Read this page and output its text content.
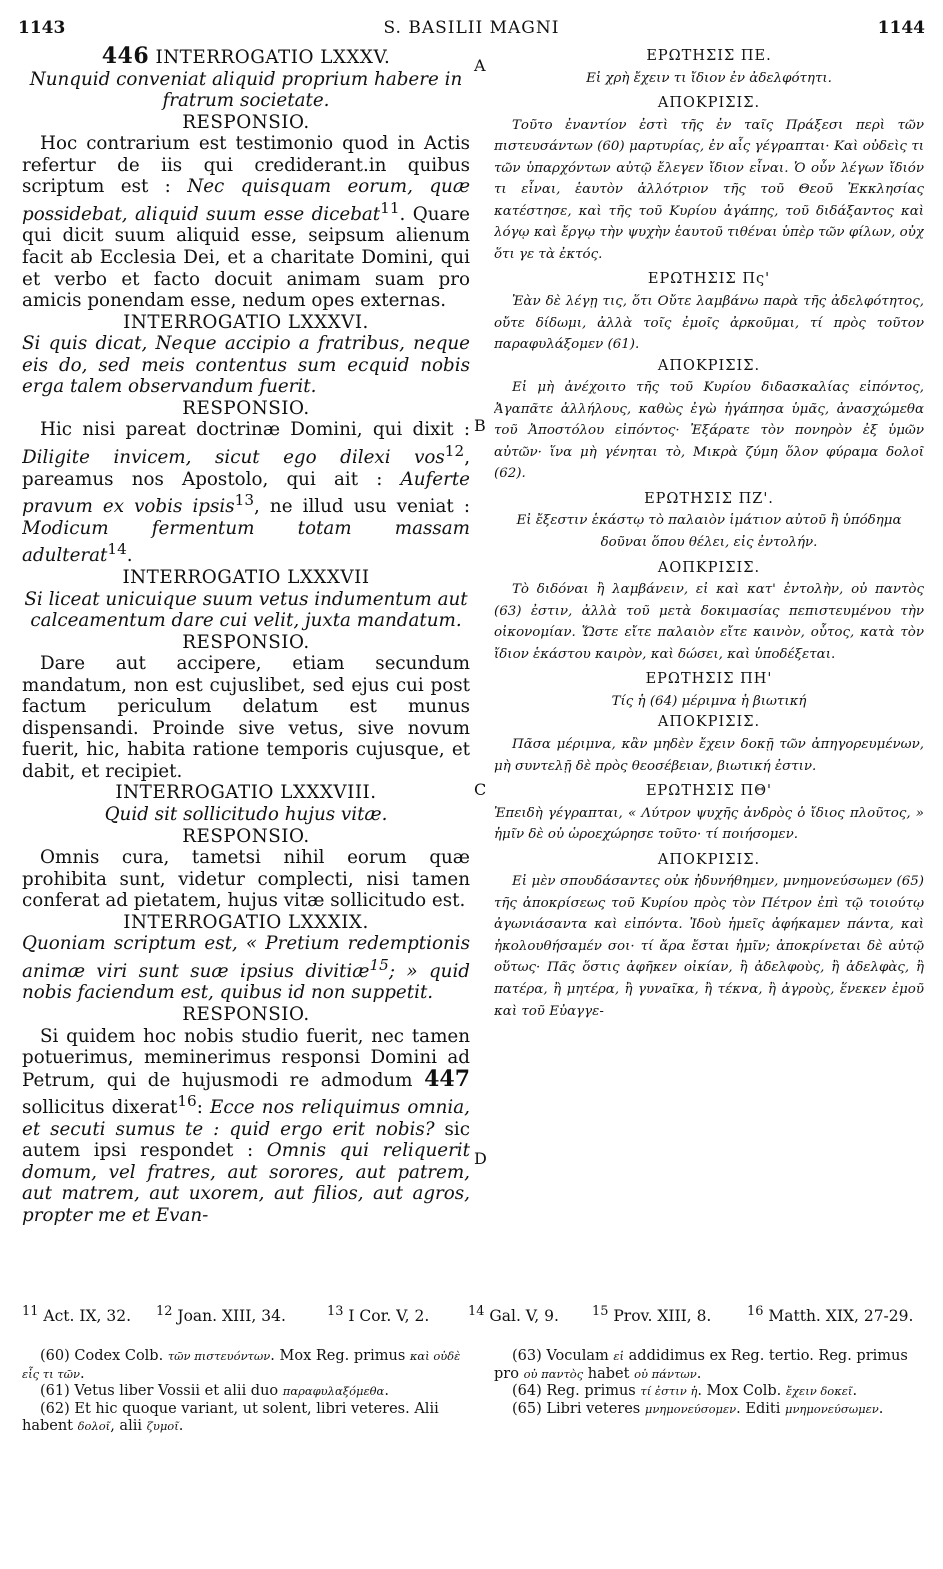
1143	S. BASILII MAGNI	1144
A
B
C
D

446 INTERROGATIO LXXXV.

Nunquid conveniat aliquid proprium habere in fratrum societate.

RESPONSIO.

Hoc contrarium est testimonio quod in Actis refertur de iis qui crediderant.in quibus scriptum est : Nec quisquam eorum, quæ possidebat, aliquid suum esse dicebat$^{11}$. Quare qui dicit suum aliquid esse, seipsum alienum facit ab Ecclesia Dei, et a charitate Domini, qui et verbo et facto docuit animam suam pro amicis ponendam esse, nedum opes externas.

INTERROGATIO LXXXVI.

Si quis dicat, Neque accipio a fratribus, neque eis do, sed meis contentus sum ecquid nobis erga talem observandum fuerit.

RESPONSIO.

Hic nisi pareat doctrinæ Domini, qui dixit : Diligite invicem, sicut ego dilexi vos$^{12}$, pareamus nos Apostolo, qui ait : Auferte pravum ex vobis ipsis$^{13}$, ne illud usu veniat : Modicum fermentum totam massam adulterat$^{14}$.

INTERROGATIO LXXXVII

Si liceat unicuique suum vetus indumentum aut calceamentum dare cui velit, juxta mandatum.

RESPONSIO.

Dare aut accipere, etiam secundum mandatum, non est cujuslibet, sed ejus cui post factum periculum delatum est munus dispensandi. Proinde sive vetus, sive novum fuerit, hic, habita ratione temporis cujusque, et dabit, et recipiet.

INTERROGATIO LXXXVIII.

Quid sit sollicitudo hujus vitæ.

RESPONSIO.

Omnis cura, tametsi nihil eorum quæ prohibita sunt, videtur complecti, nisi tamen conferat ad pietatem, hujus vitæ sollicitudo est.

INTERROGATIO LXXXIX.

Quoniam scriptum est, « Pretium redemptionis animæ viri sunt suæ ipsius divitiæ$^{15}$; » quid nobis faciendum est, quibus id non suppetit.

RESPONSIO.

Si quidem hoc nobis studio fuerit, nec tamen potuerimus, meminerimus responsi Domini ad Petrum, qui de hujusmodi re admodum 447 sollicitus dixerat$^{16}$: Ecce nos reliquimus omnia, et secuti sumus te : quid ergo erit nobis? sic autem ipsi respondet : Omnis qui reliquerit domum, vel fratres, aut sorores, aut patrem, aut matrem, aut uxorem, aut filios, aut agros, propter me et Evan-

ΕΡΩΤΗΣΙΣ ΠΕ.

Εἰ χρὴ ἔχειν τι ἴδιον ἐν ἀδελφότητι.

ΑΠΟΚΡΙΣΙΣ.

Τοῦτο ἐναντίον ἐστὶ τῆς ἐν ταῖς Πράξεσι περὶ τῶν πιστευσάντων (60) μαρτυρίας, ἐν αἷς γέγραπται· Καὶ οὐδεὶς τι τῶν ὑπαρχόντων αὐτῷ ἔλεγεν ἴδιον εἶναι. Ὁ οὖν λέγων ἴδιόν τι εἶναι, ἑαυτὸν ἀλλότριον τῆς τοῦ Θεοῦ Ἐκκλησίας κατέστησε, καὶ τῆς τοῦ Κυρίου ἀγάπης, τοῦ διδάξαντος καὶ λόγῳ καὶ ἔργῳ τὴν ψυχὴν ἑαυτοῦ τιθέναι ὑπὲρ τῶν φίλων, οὐχ ὅτι γε τὰ ἐκτός.

ΕΡΩΤΗΣΙΣ Πς'

Ἐὰν δὲ λέγῃ τις, ὅτι Οὔτε λαμβάνω παρὰ τῆς ἀδελφότητος, οὔτε δίδωμι, ἀλλὰ τοῖς ἐμοῖς ἀρκοῦμαι, τί πρὸς τοῦτον παραφυλάξομεν (61).

ΑΠΟΚΡΙΣΙΣ.

Εἰ μὴ ἀνέχοιτο τῆς τοῦ Κυρίου διδασκαλίας εἰπόντος, Ἀγαπᾶτε ἀλλήλους, καθὼς ἐγὼ ἠγάπησα ὑμᾶς, ἀνασχώμεθα τοῦ Ἀποστόλου εἰπόντος· Ἐξάρατε τὸν πονηρὸν ἐξ ὑμῶν αὐτῶν· ἵνα μὴ γένηται τὸ, Μικρὰ ζύμη ὅλον φύραμα δολοῖ (62).

ΕΡΩΤΗΣΙΣ ΠΖ'.

Εἰ ἔξεστιν ἑκάστῳ τὸ παλαιὸν ἱμάτιον αὐτοῦ ἢ ὑπόδημα δοῦναι ὅπου θέλει, εἰς ἐντολήν.

ΑΟΠΚΡΙΣΙΣ.

Τὸ διδόναι ἢ λαμβάνειν, εἰ καὶ κατ' ἐντολὴν, οὐ παντὸς (63) ἐστιν, ἀλλὰ τοῦ μετὰ δοκιμασίας πεπιστευμένου τὴν οἰκονομίαν. Ὥστε εἴτε παλαιὸν εἴτε καινὸν, οὗτος, κατὰ τὸν ἴδιον ἑκάστου καιρὸν, καὶ δώσει, καὶ ὑποδέξεται.

ΕΡΩΤΗΣΙΣ ΠΗ'

Τίς ἡ (64) μέριμνα ἡ βιωτική

ΑΠΟΚΡΙΣΙΣ.

Πᾶσα μέριμνα, κἂν μηδὲν ἔχειν δοκῇ τῶν ἀπηγορευμένων, μὴ συντελῇ δὲ πρὸς θεοσέβειαν, βιωτική ἐστιν.

ΕΡΩΤΗΣΙΣ ΠΘ'

Ἐπειδὴ γέγραπται, « Λύτρον ψυχῆς ἀνδρὸς ὁ ἴδιος πλοῦτος, » ἡμῖν δὲ οὐ ὡροεχώρησε τοῦτο· τί ποιήσομεν.

ΑΠΟΚΡΙΣΙΣ.

Εἰ μὲν σπουδάσαντες οὐκ ἠδυνήθημεν, μνημονεύσωμεν (65) τῆς ἀποκρίσεως τοῦ Κυρίου πρὸς τὸν Πέτρον ἐπὶ τῷ τοιούτῳ ἀγωνιάσαντα καὶ εἰπόντα. Ἰδοὺ ἡμεῖς ἀφήκαμεν πάντα, καὶ ἠκολουθήσαμέν σοι· τί ἄρα ἔσται ἡμῖν; ἀποκρίνεται δὲ αὐτῷ οὕτως· Πᾶς ὅστις ἀφῆκεν οἰκίαν, ἢ ἀδελφοὺς, ἢ ἀδελφὰς, ἢ πατέρα, ἢ μητέρα, ἢ γυναῖκα, ἢ τέκνα, ἢ ἀγροὺς, ἕνεκεν ἐμοῦ καὶ τοῦ Εὐαγγε-

$^{11}$ Act. IX, 32. $^{12}$ Joan. XIII, 34.	$^{13}$ I Cor. V, 2.	$^{14}$ Gal. V, 9.	$^{15}$ Prov. XIII, 8.	$^{16}$ Matth. XIX, 27-29.

(60) Codex Colb. τῶν πιστευόντων. Mox Reg. primus καὶ οὐδὲ εἷς τι τῶν.

(61) Vetus liber Vossii et alii duo παραφυλαξόμεθα.

(62) Et hic quoque variant, ut solent, libri veteres. Alii habent δολοῖ, alii ζυμοῖ.

(63) Voculam εἰ addidimus ex Reg. tertio. Reg. primus pro οὐ παντὸς habet οὐ πάντων.

(64) Reg. primus τί ἐστιν ἡ. Mox Colb. ἔχειν δοκεῖ.

(65) Libri veteres μνημονεύσομεν. Editi μνημονεύσωμεν.
